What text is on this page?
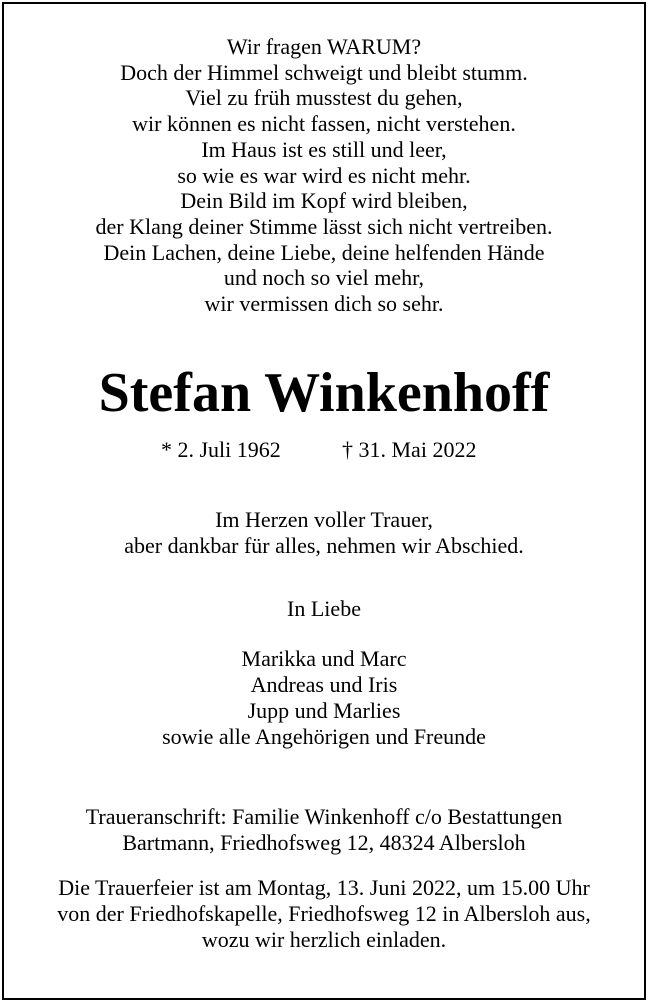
Wir fragen WARUM?
Doch der Himmel schweigt und bleibt stumm.
Viel zu früh musstest du gehen,
wir können es nicht fassen, nicht verstehen.
Im Haus ist es still und leer,
so wie es war wird es nicht mehr.
Dein Bild im Kopf wird bleiben,
der Klang deiner Stimme lässt sich nicht vertreiben.
Dein Lachen, deine Liebe, deine helfenden Hände
und noch so viel mehr,
wir vermissen dich so sehr.
Stefan Winkenhoff
* 2. Juli 1962	† 31. Mai 2022
Im Herzen voller Trauer,
aber dankbar für alles, nehmen wir Abschied.
In Liebe
Marikka und Marc
Andreas und Iris
Jupp und Marlies
sowie alle Angehörigen und Freunde
Traueranschrift: Familie Winkenhoff c/o Bestattungen
Bartmann, Friedhofsweg 12, 48324 Albersloh
Die Trauerfeier ist am Montag, 13. Juni 2022, um 15.00 Uhr
von der Friedhofskapelle, Friedhofsweg 12 in Albersloh aus,
wozu wir herzlich einladen.
